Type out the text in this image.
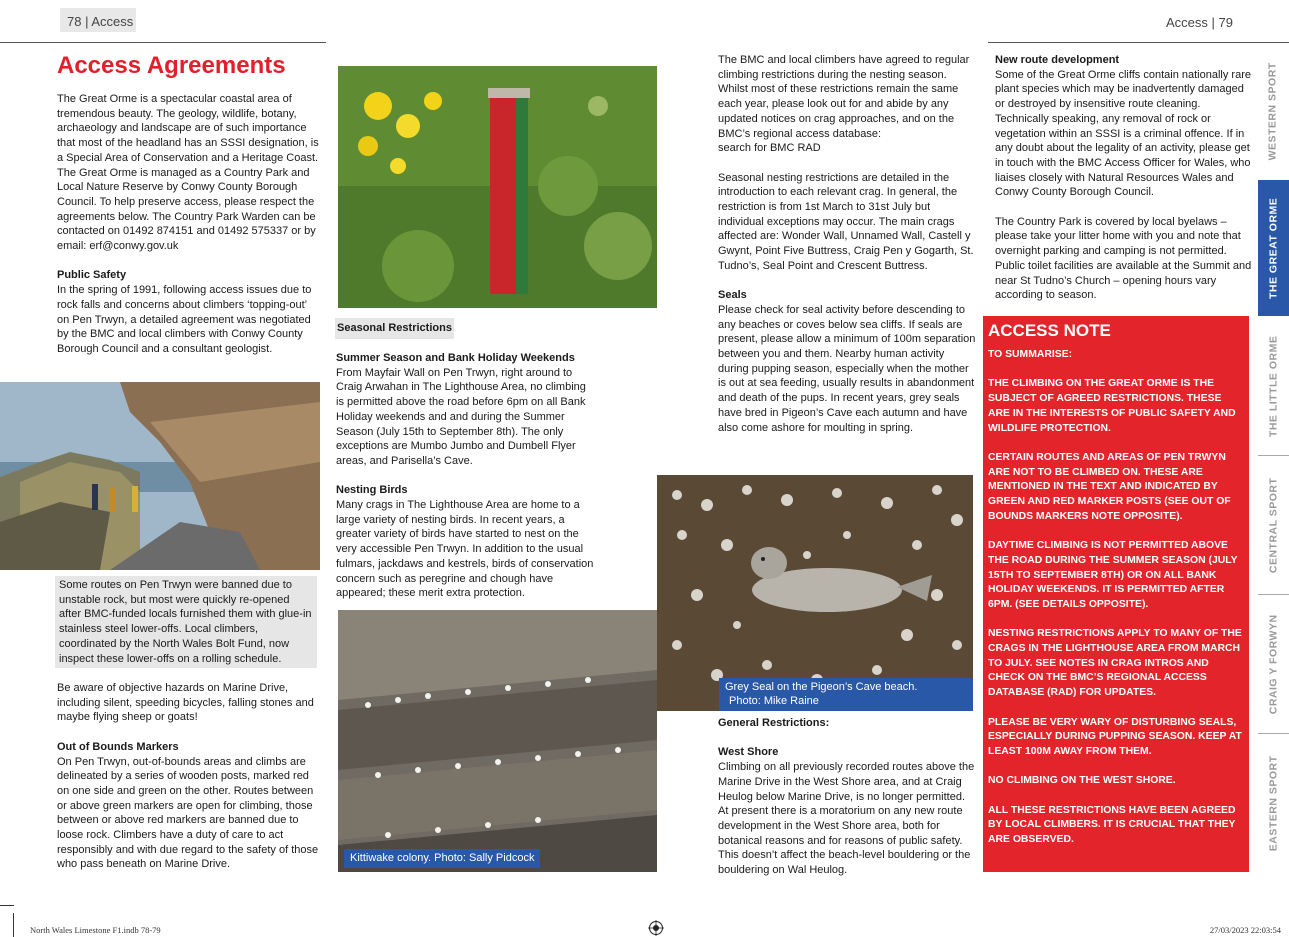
78 | Access	Access | 79
Access Agreements

The Great Orme is a spectacular coastal area of tremendous beauty. The geology, wildlife, botany, archaeology and landscape are of such importance that most of the headland has an SSSI designation, is a Special Area of Conservation and a Heritage Coast. The Great Orme is managed as a Country Park and Local Nature Reserve by Conwy County Borough Council. To help preserve access, please respect the agreements below. The Country Park Warden can be contacted on 01492 874151 and 01492 575337 or by email: erf@conwy.gov.uk

Public Safety

In the spring of 1991, following access issues due to rock falls and concerns about climbers ‘topping-out’ on Pen Trwyn, a detailed agreement was negotiated by the BMC and local climbers with Conwy County Borough Council and a consultant geologist.

Some routes on Pen Trwyn were banned due to unstable rock, but most were quickly re-opened after BMC-funded locals furnished them with glue-in stainless steel lower-offs. Local climbers, coordinated by the North Wales Bolt Fund, now inspect these lower-offs on a rolling schedule.

Be aware of objective hazards on Marine Drive, including silent, speeding bicycles, falling stones and maybe flying sheep or goats!

Out of Bounds Markers

On Pen Trwyn, out-of-bounds areas and climbs are delineated by a series of wooden posts, marked red on one side and green on the other. Routes between or above green markers are open for climbing, those between or above red markers are banned due to loose rock. Climbers have a duty of care to act responsibly and with due regard to the safety of those who pass beneath on Marine Drive.

Seasonal Restrictions

Summer Season and Bank Holiday Weekends

From Mayfair Wall on Pen Trwyn, right around to Craig Arwahan in The Lighthouse Area, no climbing is permitted above the road before 6pm on all Bank Holiday weekends and and during the Summer Season (July 15th to September 8th). The only exceptions are Mumbo Jumbo and Dumbell Flyer areas, and Parisella’s Cave.

Nesting Birds

Many crags in The Lighthouse Area are home to a large variety of nesting birds. In recent years, a greater variety of birds have started to nest on the very accessible Pen Trwyn. In addition to the usual fulmars, jackdaws and kestrels, birds of conservation concern such as peregrine and chough have appeared; these merit extra protection.

Kittiwake colony. Photo: Sally Pidcock

The BMC and local climbers have agreed to regular climbing restrictions during the nesting season. Whilst most of these restrictions remain the same each year, please look out for and abide by any updated notices on crag approaches, and on the BMC’s regional access database:

search for BMC RAD

Seasonal nesting restrictions are detailed in the introduction to each relevant crag. In general, the restriction is from 1st March to 31st July but individual exceptions may occur. The main crags affected are: Wonder Wall, Unnamed Wall, Castell y Gwynt, Point Five Buttress, Craig Pen y Gogarth, St. Tudno’s, Seal Point and Crescent Buttress.

Seals

Please check for seal activity before descending to any beaches or coves below sea cliffs. If seals are present, please allow a minimum of 100m separation between you and them. Nearby human activity during pupping season, especially when the mother is out at sea feeding, usually results in abandonment and death of the pups. In recent years, grey seals have bred in Pigeon’s Cave each autumn and have also come ashore for moulting in spring.

Grey Seal on the Pigeon’s Cave beach.
Photo: Mike Raine

General Restrictions:

West Shore

Climbing on all previously recorded routes above the Marine Drive in the West Shore area, and at Craig Heulog below Marine Drive, is no longer permitted. At present there is a moratorium on any new route development in the West Shore area, both for botanical reasons and for reasons of public safety. This doesn’t affect the beach-level bouldering or the bouldering on Wal Heulog.

New route development

Some of the Great Orme cliffs contain nationally rare plant species which may be inadvertently damaged or destroyed by insensitive route cleaning. Technically speaking, any removal of rock or vegetation within an SSSI is a criminal offence. If in any doubt about the legality of an activity, please get in touch with the BMC Access Officer for Wales, who liaises closely with Natural Resources Wales and Conwy County Borough Council.

The Country Park is covered by local byelaws – please take your litter home with you and note that overnight parking and camping is not permitted. Public toilet facilities are available at the Summit and near St Tudno’s Church – opening hours vary according to season.

ACCESS NOTE

TO SUMMARISE:

THE CLIMBING ON THE GREAT ORME IS THE SUBJECT OF AGREED RESTRICTIONS. THESE ARE IN THE INTERESTS OF PUBLIC SAFETY AND WILDLIFE PROTECTION.

CERTAIN ROUTES AND AREAS OF PEN TRWYN ARE NOT TO BE CLIMBED ON. THESE ARE MENTIONED IN THE TEXT AND INDICATED BY GREEN AND RED MARKER POSTS (SEE OUT OF BOUNDS MARKERS NOTE OPPOSITE).

DAYTIME CLIMBING IS NOT PERMITTED ABOVE THE ROAD DURING THE SUMMER SEASON (JULY 15TH TO SEPTEMBER 8TH) OR ON ALL BANK HOLIDAY WEEKENDS. IT IS PERMITTED AFTER 6PM. (SEE DETAILS OPPOSITE).

NESTING RESTRICTIONS APPLY TO MANY OF THE CRAGS IN THE LIGHTHOUSE AREA FROM MARCH TO JULY. SEE NOTES IN CRAG INTROS AND CHECK ON THE BMC’S REGIONAL ACCESS DATABASE (RAD) FOR UPDATES.

PLEASE BE VERY WARY OF DISTURBING SEALS, ESPECIALLY DURING PUPPING SEASON. KEEP AT LEAST 100M AWAY FROM THEM.

NO CLIMBING ON THE WEST SHORE.

ALL THESE RESTRICTIONS HAVE BEEN AGREED BY LOCAL CLIMBERS. IT IS CRUCIAL THAT THEY ARE OBSERVED.

WESTERN SPORT
THE GREAT ORME
THE LITTLE ORME
CENTRAL SPORT
CRAIG Y FORWYN
EASTERN SPORT
North Wales Limestone F1.indb 78-79	27/03/2023 22:03:54
